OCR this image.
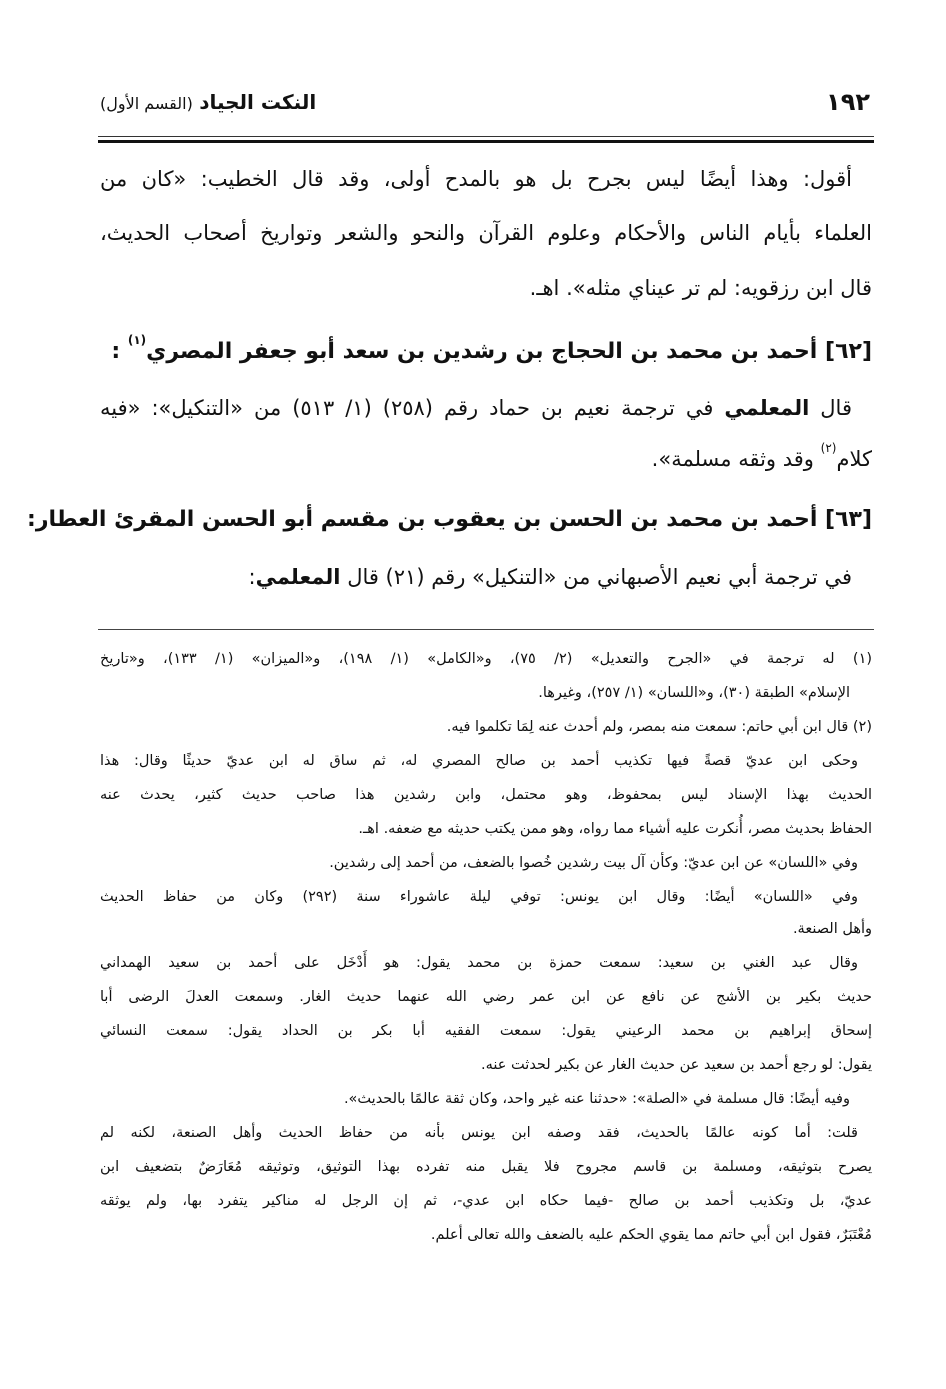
١٩٢
النكت الجياد (القسم الأول)
أقول: وهذا أيضًا ليس بجرح بل هو بالمدح أولى، وقد قال الخطيب: «كان من
العلماء بأيام الناس والأحكام وعلوم القرآن والنحو والشعر وتواريخ أصحاب الحديث،
قال ابن رزقويه: لم تر عيناي مثله». اهـ.
[٦٢] أحمد بن محمد بن الحجاج بن رشدين بن سعد أبو جعفر المصري$^{(١)}$ :
قال المعلمي في ترجمة نعيم بن حماد رقم (٢٥٨) (١/ ٥١٣) من «التنكيل»: «فيه
كلام$^{(٢)}$ وقد وثقه مسلمة».
[٦٣] أحمد بن محمد بن الحسن بن يعقوب بن مقسم أبو الحسن المقرئ العطار:
في ترجمة أبي نعيم الأصبهاني من «التنكيل» رقم (٢١) قال المعلمي:
(١) له ترجمة في «الجرح والتعديل» (٢/ ٧٥)، و«الكامل» (١/ ١٩٨)، و«الميزان» (١/ ١٣٣)، و«تاريخ
الإسلام» الطبقة (٣٠)، و«اللسان» (١/ ٢٥٧)، وغيرها.
(٢) قال ابن أبي حاتم: سمعت منه بمصر، ولم أحدث عنه لِمَا تكلموا فيه.
وحكى ابن عديّ قصةً فيها تكذيب أحمد بن صالح المصري له، ثم ساق له ابن عديّ حديثًا وقال: هذا
الحديث بهذا الإسناد ليس بمحفوظ، وهو محتمل، وابن رشدين هذا صاحب حديث كثير، يحدث عنه
الحفاظ بحديث مصر، أُنكرت عليه أشياء مما رواه، وهو ممن يكتب حديثه مع ضعفه. اهـ.
وفي «اللسان» عن ابن عديّ: وكأن آل بيت رشدين خُصوا بالضعف، من أحمد إلى رشدين.
وفي «اللسان» أيضًا: وقال ابن يونس: توفي ليلة عاشوراء سنة (٢٩٢) وكان من حفاظ الحديث
وأهل الصنعة.
وقال عبد الغني بن سعيد: سمعت حمزة بن محمد يقول: هو أَدْخَل على أحمد بن سعيد الهمداني
حديث بكير بن الأشج عن نافع عن ابن عمر رضي الله عنهما حديث الغار. وسمعت العدلَ الرضى أبا
إسحاق إبراهيم بن محمد الرعيني يقول: سمعت الفقيه أبا بكر بن الحداد يقول: سمعت النسائي
يقول: لو رجع أحمد بن سعيد عن حديث الغار عن بكير لحدثت عنه.
وفيه أيضًا: قال مسلمة في «الصلة»: «حدثنا عنه غير واحد، وكان ثقة عالمًا بالحديث».
قلت: أما كونه عالمًا بالحديث، فقد وصفه ابن يونس بأنه من حفاظ الحديث وأهل الصنعة، لكنه لم
يصرح بتوثيقه، ومسلمة بن قاسم مجروح فلا يقبل منه تفرده بهذا التوثيق، وتوثيقه مُعَارَضٌ بتضعيف ابن
عديّ، بل وتكذيب أحمد بن صالح -فيما حكاه ابن عدي-، ثم إن الرجل له مناكير يتفرد بها، ولم يوثقه
مُعْتَبَرٌ، فقول ابن أبي حاتم مما يقوي الحكم عليه بالضعف والله تعالى أعلم.
